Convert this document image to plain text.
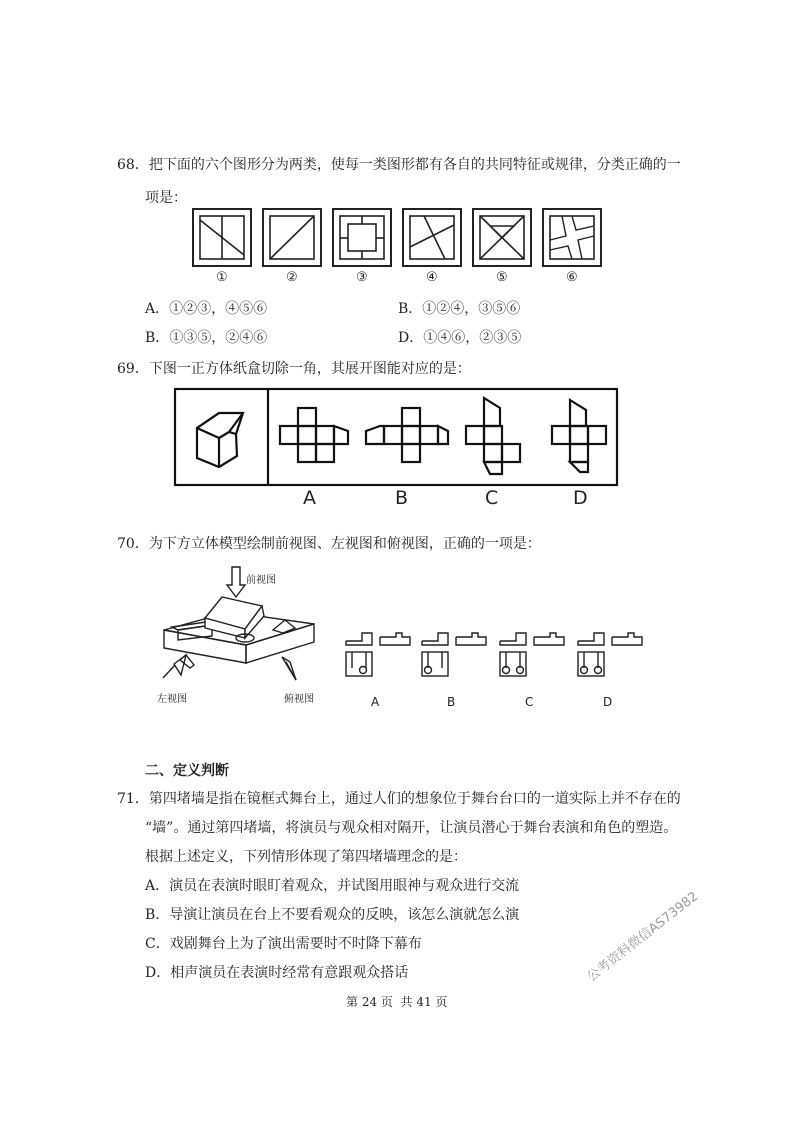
68．把下面的六个图形分为两类，使每一类图形都有各自的共同特征或规律，分类正确的一
项是：
①	②	③	④	⑤	⑥
A．①②③，④⑤⑥	B．①②④，③⑤⑥
B．①③⑤，②④⑥	D．①④⑥，②③⑤
69．下图一正方体纸盒切除一角，其展开图能对应的是：
A	B	C	D
70．为下方立体模型绘制前视图、左视图和俯视图，正确的一项是：
前视图
左视图	俯视图	A	B	C	D
二、定义判断
71．第四堵墙是指在镜框式舞台上，通过人们的想象位于舞台台口的一道实际上并不存在的
“墙”。通过第四堵墙，将演员与观众相对隔开，让演员潜心于舞台表演和角色的塑造。
根据上述定义，下列情形体现了第四堵墙理念的是：
A．演员在表演时眼盯着观众，并试图用眼神与观众进行交流
B．导演让演员在台上不要看观众的反映，该怎么演就怎么演
C．戏剧舞台上为了演出需要时不时降下幕布
D．相声演员在表演时经常有意跟观众搭话	公考资料微信AS73982
第 24 页  共 41 页
